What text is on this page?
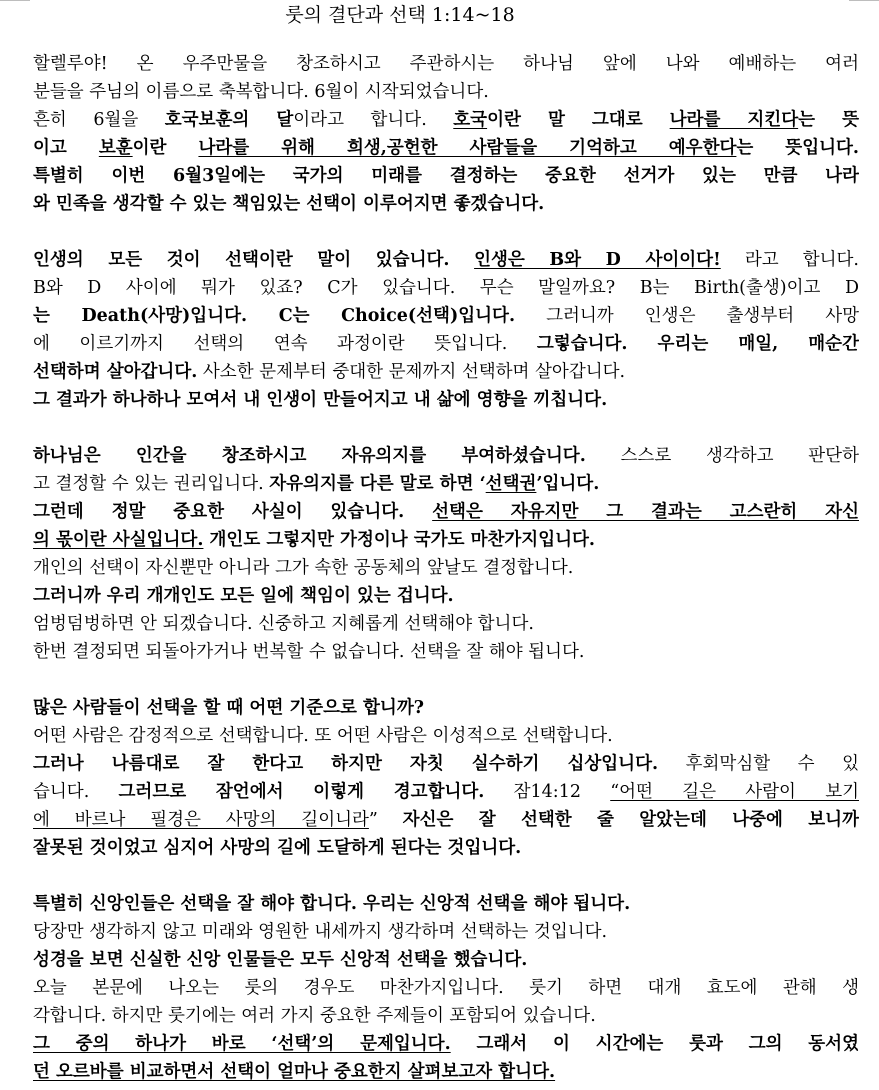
룻의 결단과 선택 1:14~18
할렐루야! 온 우주만물을 창조하시고 주관하시는 하나님 앞에 나와 예배하는 여러
분들을 주님의 이름으로 축복합니다. 6월이 시작되었습니다.
흔히 6월을 호국보훈의 달이라고 합니다. 호국이란 말 그대로 나라를 지킨다는 뜻
이고 보훈이란 나라를 위해 희생,공헌한 사람들을 기억하고 예우한다는 뜻입니다.
특별히 이번 6월3일에는 국가의 미래를 결정하는 중요한 선거가 있는 만큼 나라
와 민족을 생각할 수 있는 책임있는 선택이 이루어지면 좋겠습니다.
인생의 모든 것이 선택이란 말이 있습니다. 인생은 B와 D 사이이다! 라고 합니다.
B와 D 사이에 뭐가 있죠? C가 있습니다. 무슨 말일까요? B는 Birth(출생)이고 D
는 Death(사망)입니다. C는 Choice(선택)입니다. 그러니까 인생은 출생부터 사망
에 이르기까지 선택의 연속 과정이란 뜻입니다. 그렇습니다. 우리는 매일, 매순간
선택하며 살아갑니다. 사소한 문제부터 중대한 문제까지 선택하며 살아갑니다.
그 결과가 하나하나 모여서 내 인생이 만들어지고 내 삶에 영향을 끼칩니다.
하나님은 인간을 창조하시고 자유의지를 부여하셨습니다. 스스로 생각하고 판단하
고 결정할 수 있는 권리입니다. 자유의지를 다른 말로 하면 ‘선택권’입니다.
그런데 정말 중요한 사실이 있습니다. 선택은 자유지만 그 결과는 고스란히 자신
의 몫이란 사실입니다. 개인도 그렇지만 가정이나 국가도 마찬가지입니다.
개인의 선택이 자신뿐만 아니라 그가 속한 공동체의 앞날도 결정합니다.
그러니까 우리 개개인도 모든 일에 책임이 있는 겁니다.
엄벙덤벙하면 안 되겠습니다. 신중하고 지혜롭게 선택해야 합니다.
한번 결정되면 되돌아가거나 번복할 수 없습니다. 선택을 잘 해야 됩니다.
많은 사람들이 선택을 할 때 어떤 기준으로 합니까?
어떤 사람은 감정적으로 선택합니다. 또 어떤 사람은 이성적으로 선택합니다.
그러나 나름대로 잘 한다고 하지만 자칫 실수하기 십상입니다. 후회막심할 수 있
습니다. 그러므로 잠언에서 이렇게 경고합니다. 잠14:12 “어떤 길은 사람이 보기
에 바르나 필경은 사망의 길이니라” 자신은 잘 선택한 줄 알았는데 나중에 보니까
잘못된 것이었고 심지어 사망의 길에 도달하게 된다는 것입니다.
특별히 신앙인들은 선택을 잘 해야 합니다. 우리는 신앙적 선택을 해야 됩니다.
당장만 생각하지 않고 미래와 영원한 내세까지 생각하며 선택하는 것입니다.
성경을 보면 신실한 신앙 인물들은 모두 신앙적 선택을 했습니다.
오늘 본문에 나오는 룻의 경우도 마찬가지입니다. 룻기 하면 대개 효도에 관해 생
각합니다. 하지만 룻기에는 여러 가지 중요한 주제들이 포함되어 있습니다.
그 중의 하나가 바로 ‘선택’의 문제입니다. 그래서 이 시간에는 룻과 그의 동서였
던 오르바를 비교하면서 선택이 얼마나 중요한지 살펴보고자 합니다.
